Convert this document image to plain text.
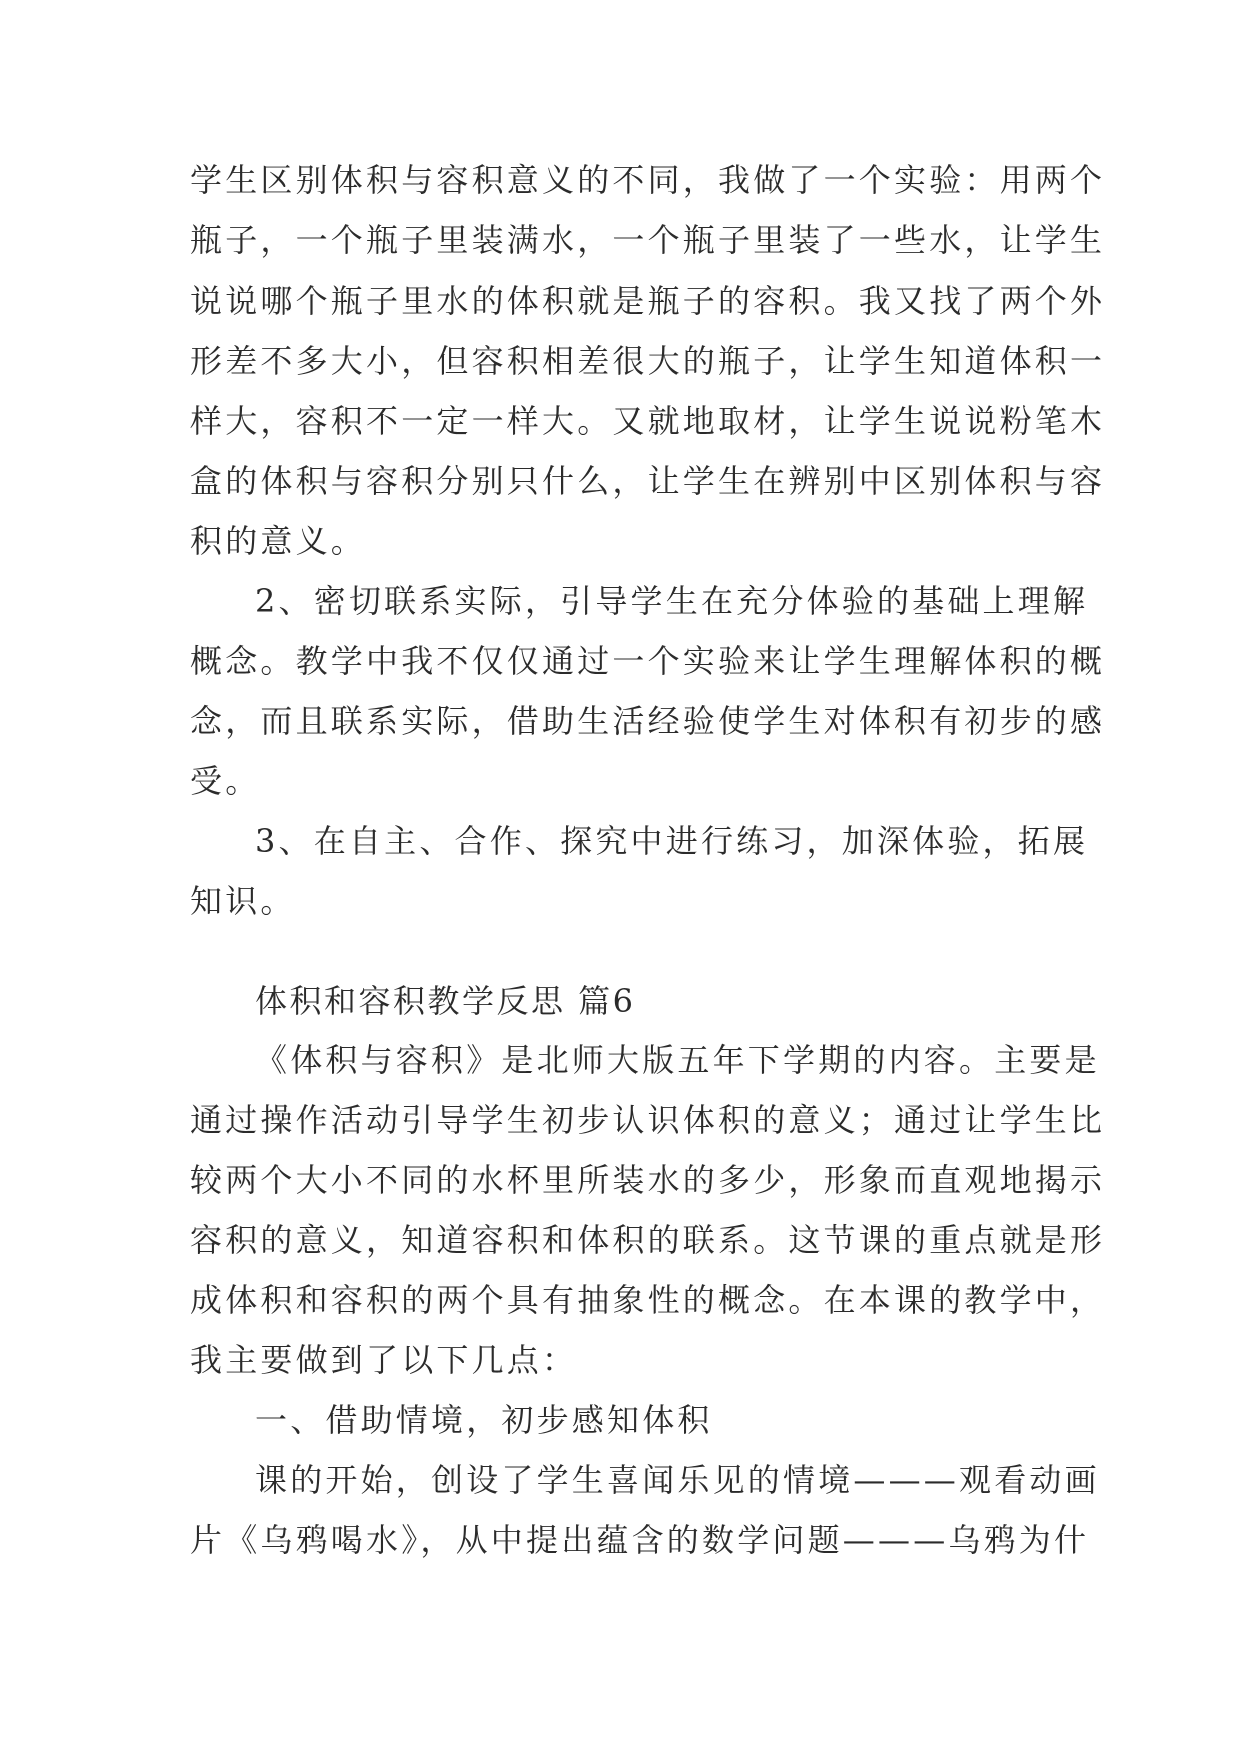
学生区别体积与容积意义的不同，我做了一个实验：用两个
瓶子，一个瓶子里装满水，一个瓶子里装了一些水，让学生
说说哪个瓶子里水的体积就是瓶子的容积。我又找了两个外
形差不多大小，但容积相差很大的瓶子，让学生知道体积一
样大，容积不一定一样大。又就地取材，让学生说说粉笔木
盒的体积与容积分别只什么，让学生在辨别中区别体积与容
积的意义。
2、密切联系实际，引导学生在充分体验的基础上理解
概念。教学中我不仅仅通过一个实验来让学生理解体积的概
念，而且联系实际，借助生活经验使学生对体积有初步的感
受。
3、在自主、合作、探究中进行练习，加深体验，拓展
知识。
体积和容积教学反思 篇6
《体积与容积》是北师大版五年下学期的内容。主要是
通过操作活动引导学生初步认识体积的意义；通过让学生比
较两个大小不同的水杯里所装水的多少，形象而直观地揭示
容积的意义，知道容积和体积的联系。这节课的重点就是形
成体积和容积的两个具有抽象性的概念。在本课的教学中，
我主要做到了以下几点：
一、借助情境，初步感知体积
课的开始，创设了学生喜闻乐见的情境———观看动画
片《乌鸦喝水》，从中提出蕴含的数学问题———乌鸦为什
